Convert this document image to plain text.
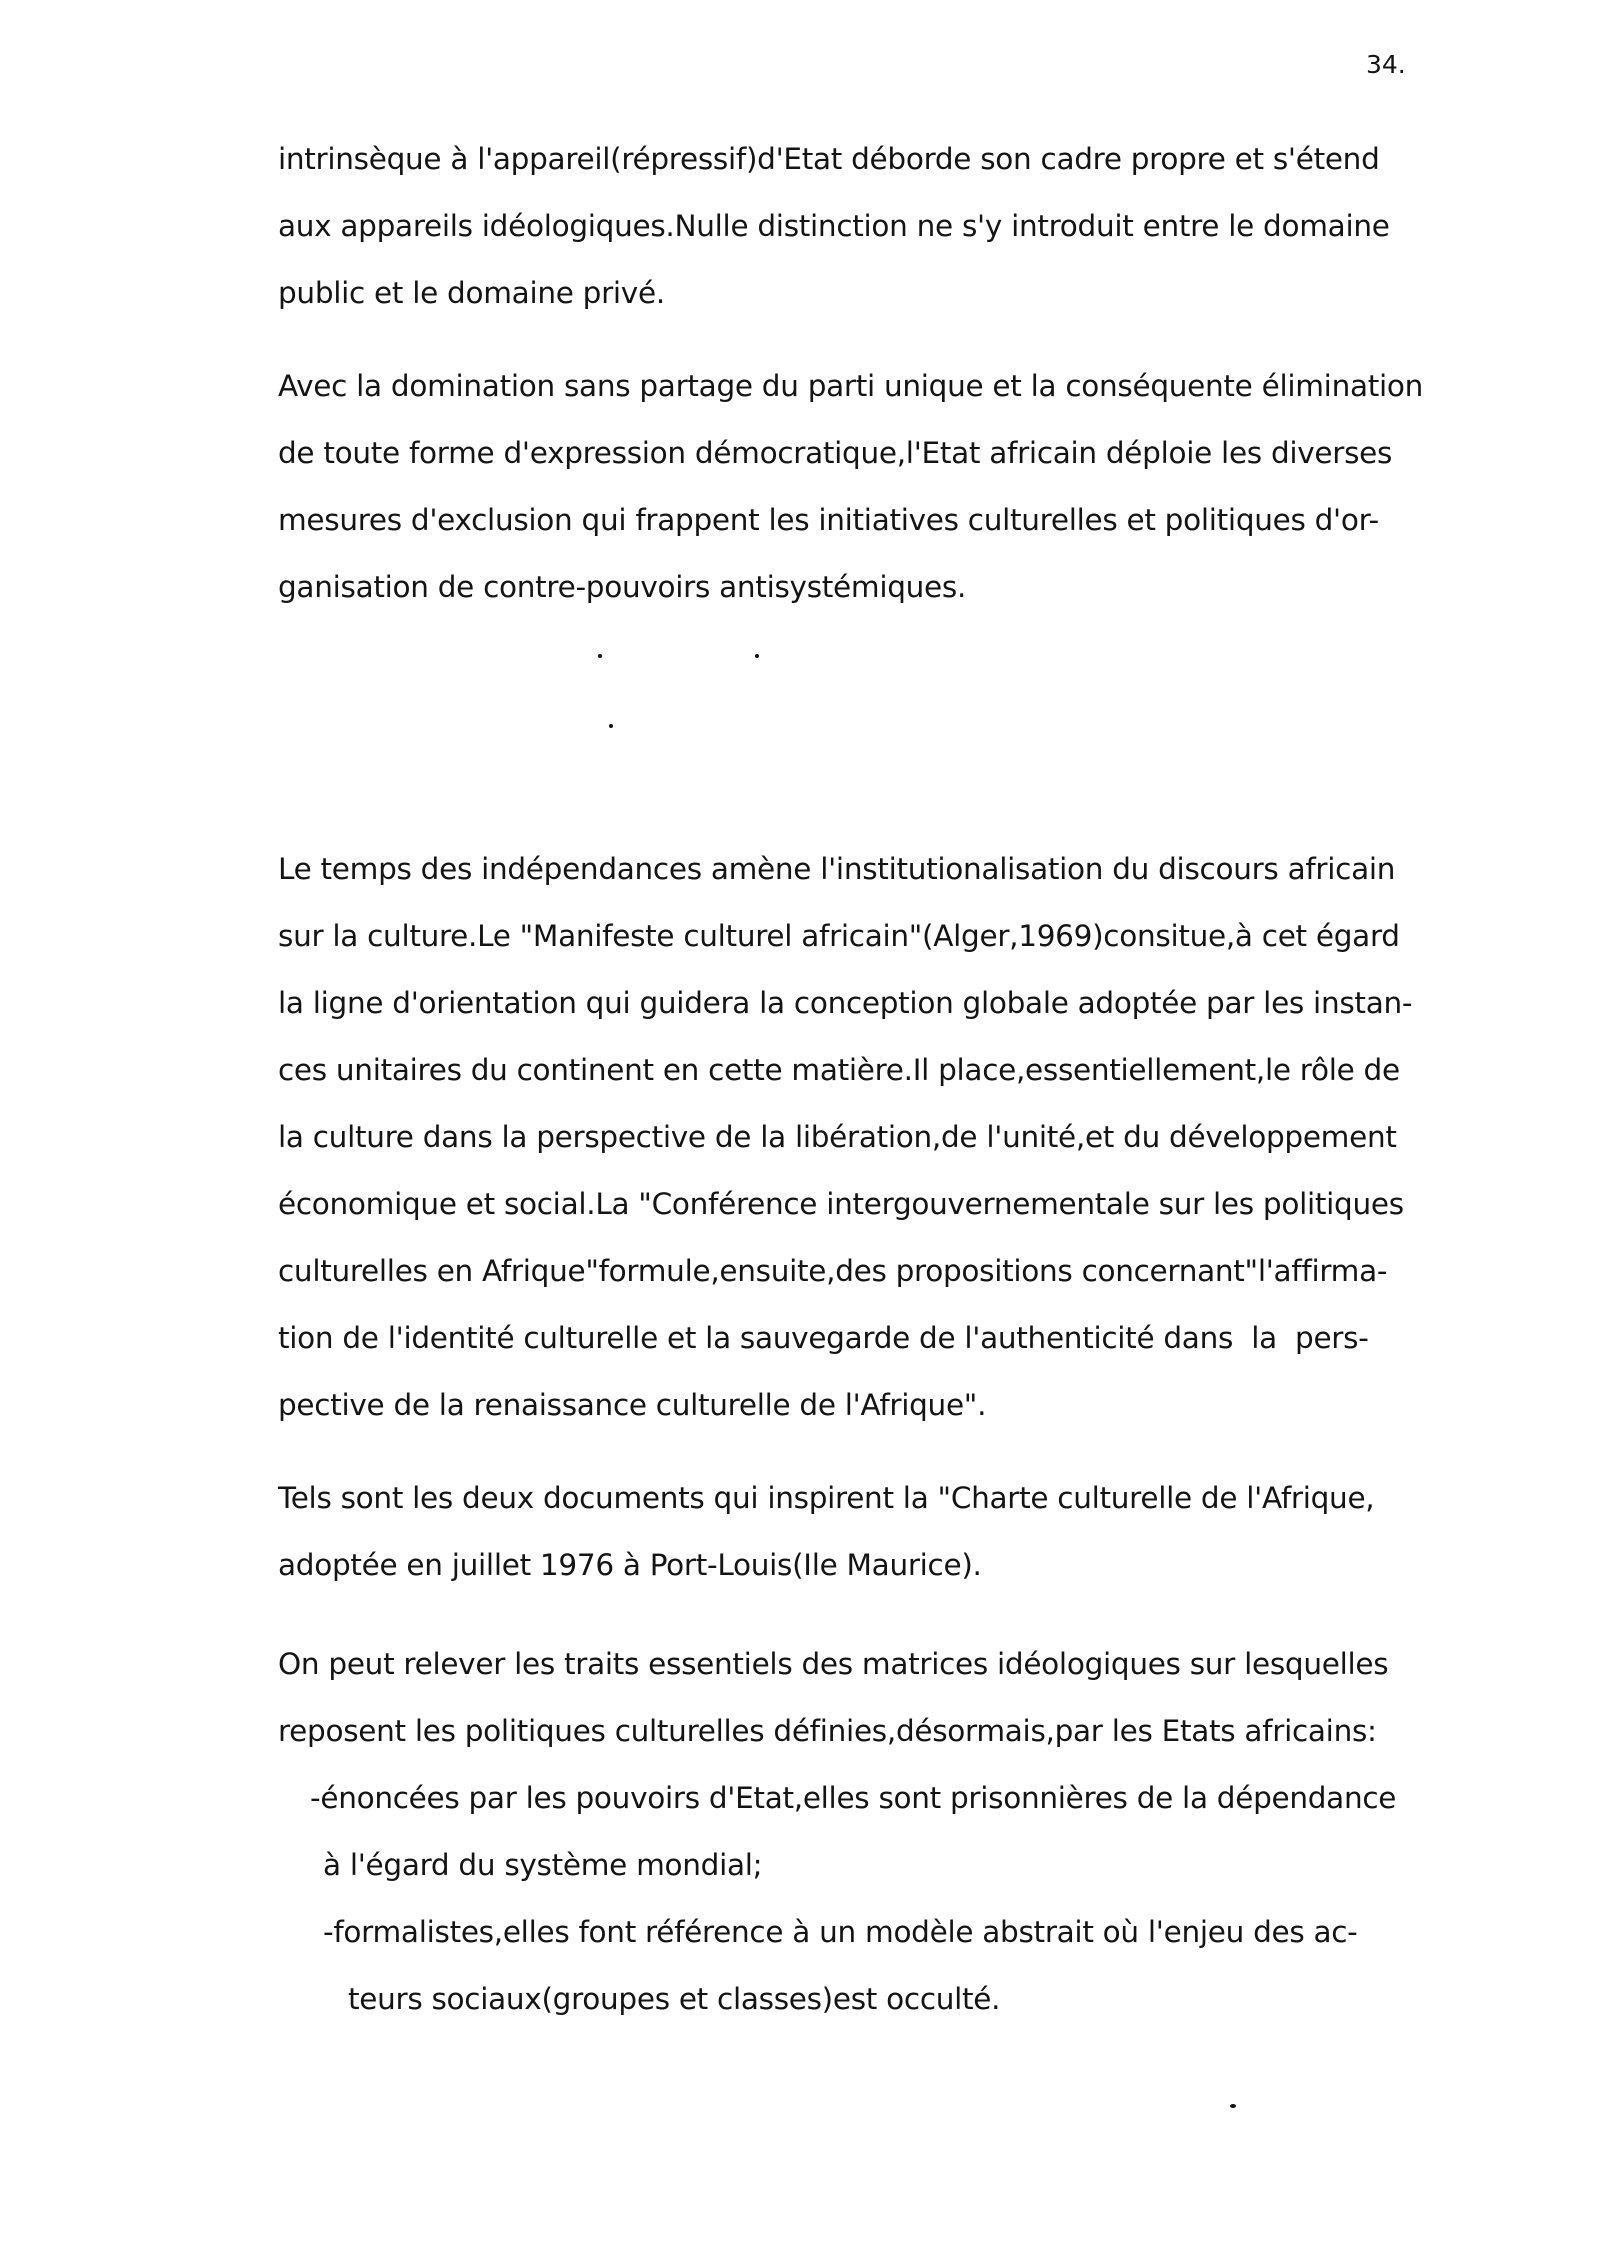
34.
intrinsèque à l'appareil(répressif)d'Etat déborde son cadre propre et s'étend
aux appareils idéologiques.Nulle distinction ne s'y introduit entre le domaine
public et le domaine privé.
Avec la domination sans partage du parti unique et la conséquente élimination
de toute forme d'expression démocratique,l'Etat africain déploie les diverses
mesures d'exclusion qui frappent les initiatives culturelles et politiques d'or-
ganisation de contre-pouvoirs antisystémiques.
Le temps des indépendances amène l'institutionalisation du discours africain
sur la culture.Le "Manifeste culturel africain"(Alger,1969)consitue,à cet égard
la ligne d'orientation qui guidera la conception globale adoptée par les instan-
ces unitaires du continent en cette matière.Il place,essentiellement,le rôle de
la culture dans la perspective de la libération,de l'unité,et du développement
économique et social.La "Conférence intergouvernementale sur les politiques
culturelles en Afrique"formule,ensuite,des propositions concernant"l'affirma-
tion de l'identité culturelle et la sauvegarde de l'authenticité dans  la  pers-
pective de la renaissance culturelle de l'Afrique".
Tels sont les deux documents qui inspirent la "Charte culturelle de l'Afrique,
adoptée en juillet 1976 à Port-Louis(Ile Maurice).
On peut relever les traits essentiels des matrices idéologiques sur lesquelles
reposent les politiques culturelles définies,désormais,par les Etats africains:
-énoncées par les pouvoirs d'Etat,elles sont prisonnières de la dépendance
à l'égard du système mondial;
-formalistes,elles font référence à un modèle abstrait où l'enjeu des ac-
teurs sociaux(groupes et classes)est occulté.
